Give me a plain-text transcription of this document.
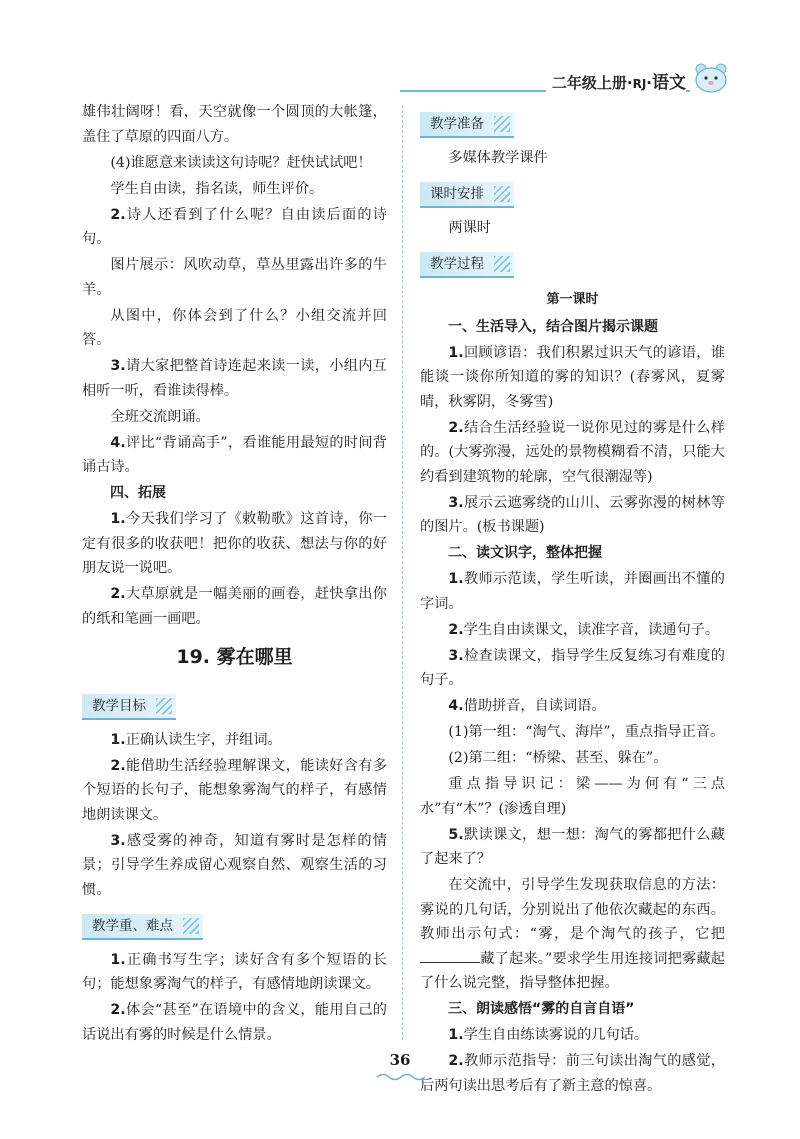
二年级上册·RJ·语文

雄伟壮阔呀！看，天空就像一个圆顶的大帐篷，盖住了草原的四面八方。

(4)谁愿意来读读这句诗呢？赶快试试吧！

学生自由读，指名读，师生评价。

2.诗人还看到了什么呢？自由读后面的诗句。

图片展示：风吹动草，草丛里露出许多的牛羊。

从图中，你体会到了什么？小组交流并回答。

3.请大家把整首诗连起来读一读，小组内互相听一听，看谁读得棒。

全班交流朗诵。

4.评比“背诵高手”，看谁能用最短的时间背诵古诗。

四、拓展

1.今天我们学习了《敕勒歌》这首诗，你一定有很多的收获吧！把你的收获、想法与你的好朋友说一说吧。

2.大草原就是一幅美丽的画卷，赶快拿出你的纸和笔画一画吧。

19. 雾在哪里
教学目标

1.正确认读生字，并组词。

2.能借助生活经验理解课文，能读好含有多个短语的长句子，能想象雾淘气的样子，有感情地朗读课文。

3.感受雾的神奇，知道有雾时是怎样的情景；引导学生养成留心观察自然、观察生活的习惯。

教学重、难点

1.正确书写生字；读好含有多个短语的长句；能想象雾淘气的样子，有感情地朗读课文。

2.体会“甚至”在语境中的含义，能用自己的话说出有雾的时候是什么情景。

教学准备

多媒体教学课件

课时安排

两课时

教学过程
第一课时

一、生活导入，结合图片揭示课题

1.回顾谚语：我们积累过识天气的谚语，谁能谈一谈你所知道的雾的知识？(春雾风，夏雾晴，秋雾阴，冬雾雪)

2.结合生活经验说一说你见过的雾是什么样的。(大雾弥漫，远处的景物模糊看不清，只能大约看到建筑物的轮廓，空气很潮湿等)

3.展示云遮雾绕的山川、云雾弥漫的树林等的图片。(板书课题)

二、读文识字，整体把握

1.教师示范读，学生听读，并圈画出不懂的字词。

2.学生自由读课文，读准字音，读通句子。

3.检查读课文，指导学生反复练习有难度的句子。

4.借助拼音，自读词语。

(1)第一组：“淘气、海岸”，重点指导正音。

(2)第二组：“桥梁、甚至、躲在”。

重点指导识记：梁——为何有“三点水”有“木”？(渗透自理)

5.默读课文，想一想：淘气的雾都把什么藏了起来了？

在交流中，引导学生发现获取信息的方法：雾说的几句话，分别说出了他依次藏起的东西。教师出示句式：“雾，是个淘气的孩子，它把藏了起来。”要求学生用连接词把雾藏起了什么说完整，指导整体把握。

三、朗读感悟“雾的自言自语”

1.学生自由练读雾说的几句话。

2.教师示范指导：前三句读出淘气的感觉，后两句读出思考后有了新主意的惊喜。

36
